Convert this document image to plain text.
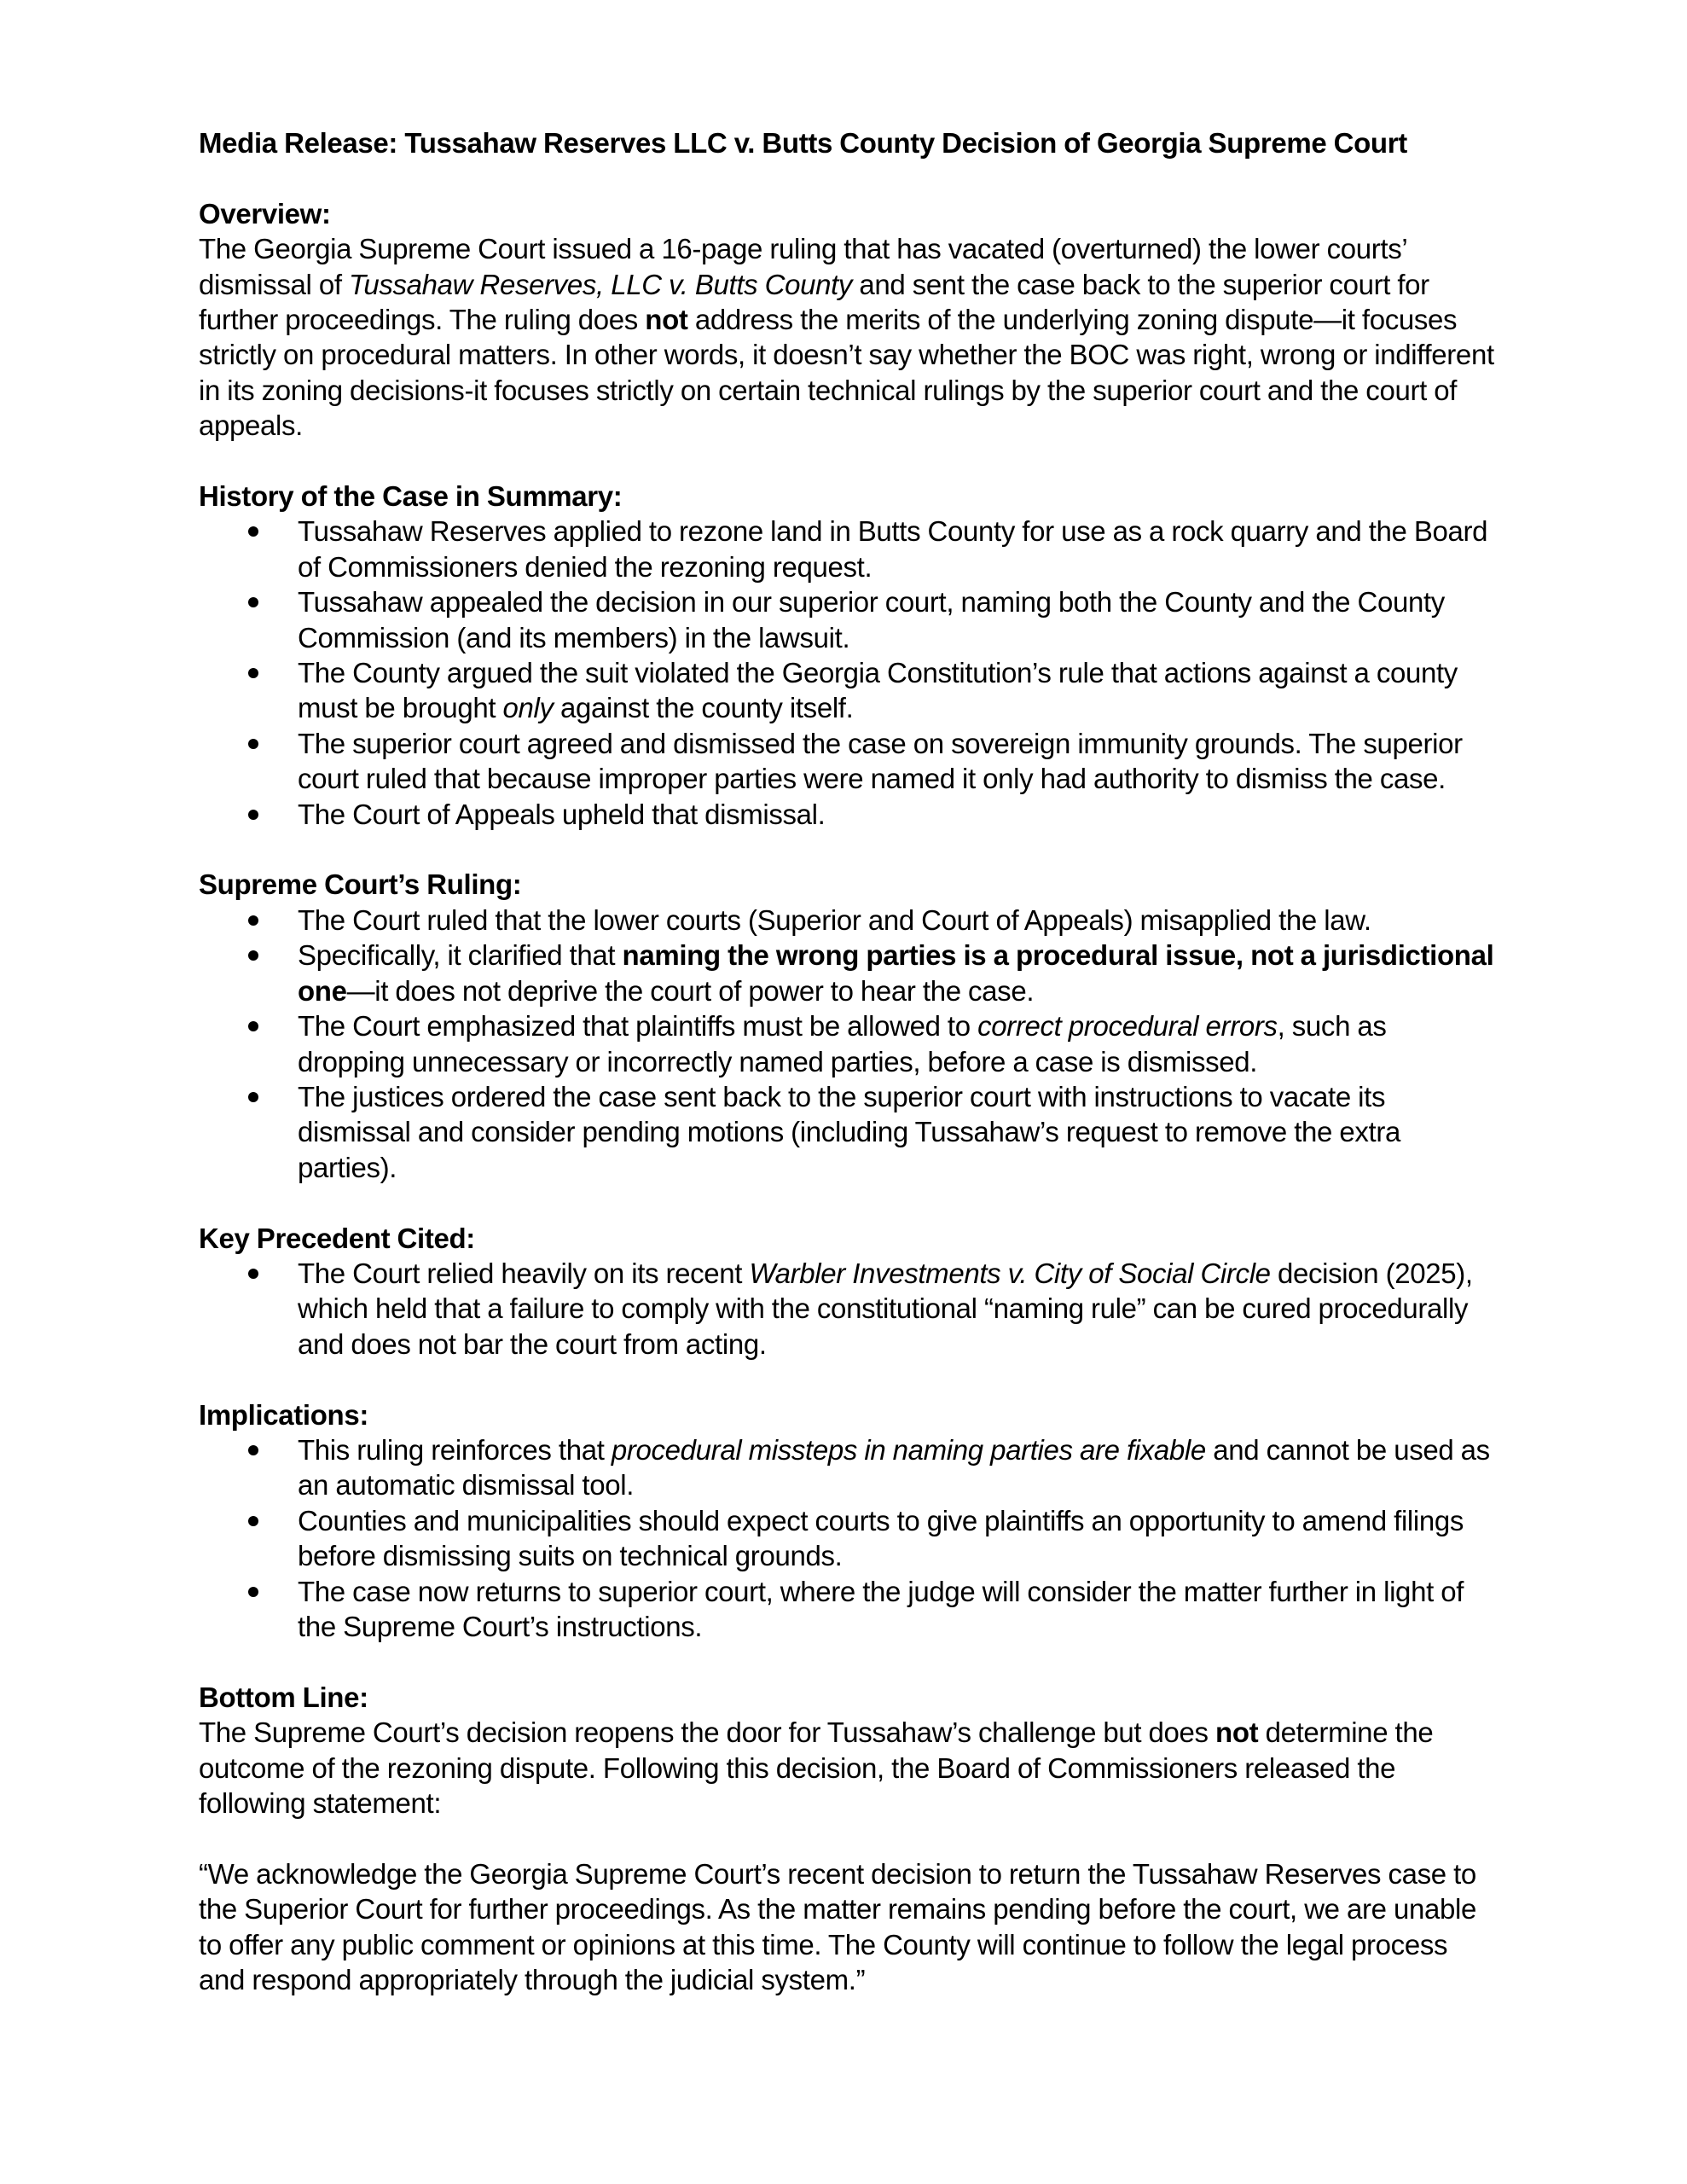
Media Release: Tussahaw Reserves LLC v. Butts County Decision of Georgia Supreme Court

Overview:

The Georgia Supreme Court issued a 16-page ruling that has vacated (overturned) the lower courts’ dismissal of Tussahaw Reserves, LLC v. Butts County and sent the case back to the superior court for further proceedings. The ruling does not address the merits of the underlying zoning dispute—it focuses strictly on procedural matters. In other words, it doesn’t say whether the BOC was right, wrong or indifferent in its zoning decisions-it focuses strictly on certain technical rulings by the superior court and the court of appeals.

History of the Case in Summary:

Tussahaw Reserves applied to rezone land in Butts County for use as a rock quarry and the Board of Commissioners denied the rezoning request.
Tussahaw appealed the decision in our superior court, naming both the County and the County Commission (and its members) in the lawsuit.
The County argued the suit violated the Georgia Constitution’s rule that actions against a county must be brought only against the county itself.
The superior court agreed and dismissed the case on sovereign immunity grounds. The superior court ruled that because improper parties were named it only had authority to dismiss the case.
The Court of Appeals upheld that dismissal.

Supreme Court’s Ruling:

The Court ruled that the lower courts (Superior and Court of Appeals) misapplied the law.
Specifically, it clarified that naming the wrong parties is a procedural issue, not a jurisdictional one—it does not deprive the court of power to hear the case.
The Court emphasized that plaintiffs must be allowed to correct procedural errors, such as dropping unnecessary or incorrectly named parties, before a case is dismissed.
The justices ordered the case sent back to the superior court with instructions to vacate its dismissal and consider pending motions (including Tussahaw’s request to remove the extra parties).

Key Precedent Cited:

The Court relied heavily on its recent Warbler Investments v. City of Social Circle decision (2025), which held that a failure to comply with the constitutional “naming rule” can be cured procedurally and does not bar the court from acting.

Implications:

This ruling reinforces that procedural missteps in naming parties are fixable and cannot be used as an automatic dismissal tool.
Counties and municipalities should expect courts to give plaintiffs an opportunity to amend filings before dismissing suits on technical grounds.
The case now returns to superior court, where the judge will consider the matter further in light of the Supreme Court’s instructions.

Bottom Line:

The Supreme Court’s decision reopens the door for Tussahaw’s challenge but does not determine the outcome of the rezoning dispute. Following this decision, the Board of Commissioners released the following statement:

“We acknowledge the Georgia Supreme Court’s recent decision to return the Tussahaw Reserves case to the Superior Court for further proceedings. As the matter remains pending before the court, we are unable to offer any public comment or opinions at this time. The County will continue to follow the legal process and respond appropriately through the judicial system.”
